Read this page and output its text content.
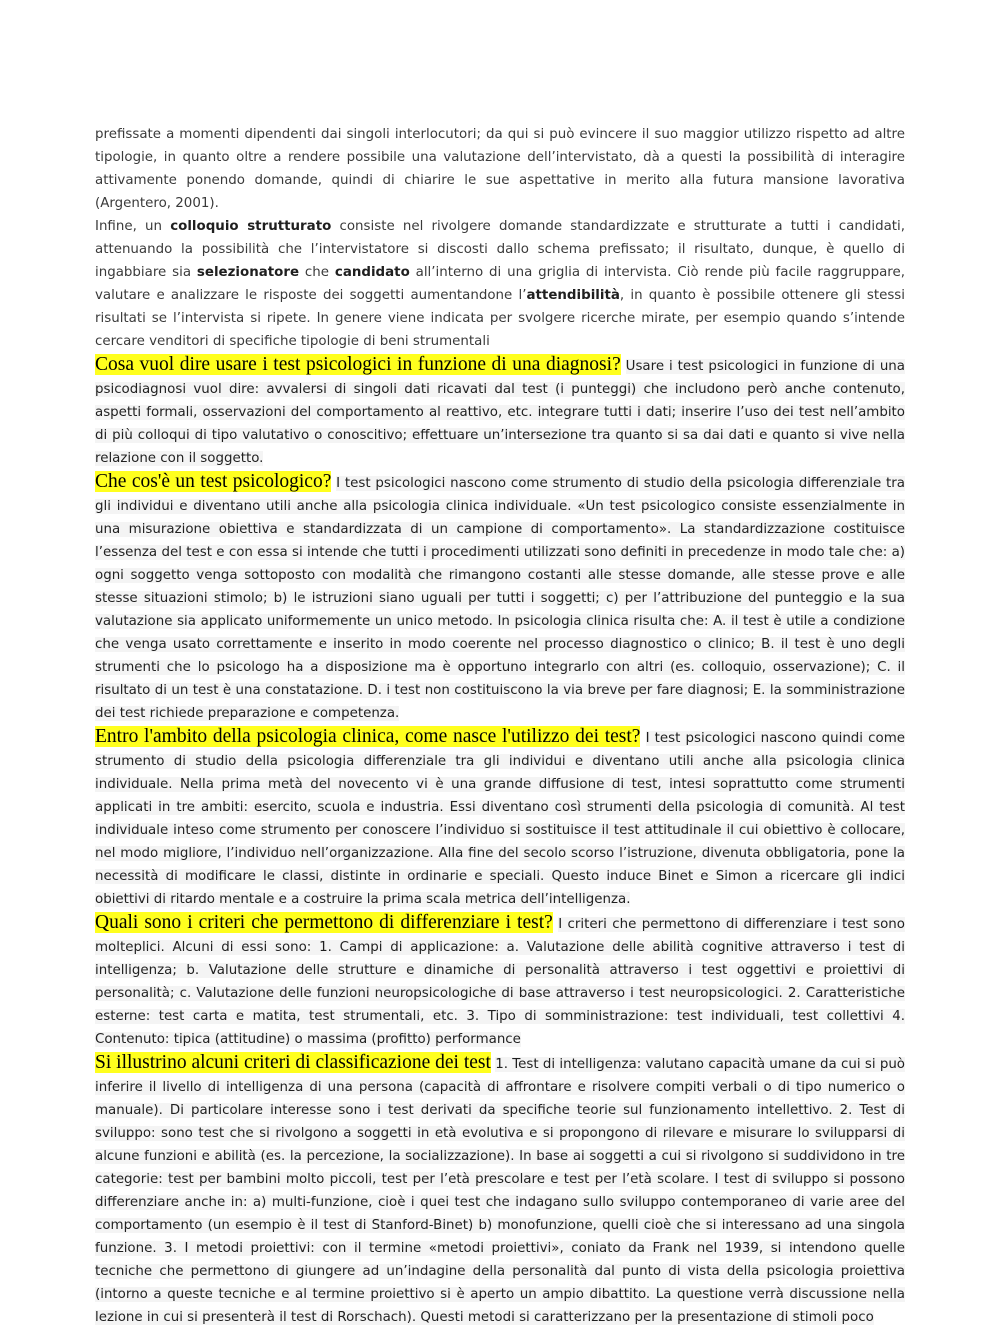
prefissate a momenti dipendenti dai singoli interlocutori; da qui si può evincere il suo maggior utilizzo rispetto ad altre tipologie, in quanto oltre a rendere possibile una valutazione dell’intervistato, dà a questi la possibilità di interagire attivamente ponendo domande, quindi di chiarire le sue aspettative in merito alla futura mansione lavorativa (Argentero, 2001).

Infine, un colloquio strutturato consiste nel rivolgere domande standardizzate e strutturate a tutti i candidati, attenuando la possibilità che l’intervistatore si discosti dallo schema prefissato; il risultato, dunque, è quello di ingabbiare sia selezionatore che candidato all’interno di una griglia di intervista. Ciò rende più facile raggruppare, valutare e analizzare le risposte dei soggetti aumentandone l’attendibilità, in quanto è possibile ottenere gli stessi risultati se l’intervista si ripete. In genere viene indicata per svolgere ricerche mirate, per esempio quando s’intende cercare venditori di specifiche tipologie di beni strumentali

Cosa vuol dire usare i test psicologici in funzione di una diagnosi? Usare i test psicologici in funzione di una psicodiagnosi vuol dire: avvalersi di singoli dati ricavati dal test (i punteggi) che includono però anche contenuto, aspetti formali, osservazioni del comportamento al reattivo, etc. integrare tutti i dati; inserire l’uso dei test nell’ambito di più colloqui di tipo valutativo o conoscitivo; effettuare un’intersezione tra quanto si sa dai dati e quanto si vive nella relazione con il soggetto.

Che cos'è un test psicologico? I test psicologici nascono come strumento di studio della psicologia differenziale tra gli individui e diventano utili anche alla psicologia clinica individuale. «Un test psicologico consiste essenzialmente in una misurazione obiettiva e standardizzata di un campione di comportamento». La standardizzazione costituisce l’essenza del test e con essa si intende che tutti i procedimenti utilizzati sono definiti in precedenze in modo tale che: a) ogni soggetto venga sottoposto con modalità che rimangono costanti alle stesse domande, alle stesse prove e alle stesse situazioni stimolo; b) le istruzioni siano uguali per tutti i soggetti; c) per l’attribuzione del punteggio e la sua valutazione sia applicato uniformemente un unico metodo. In psicologia clinica risulta che: A. il test è utile a condizione che venga usato correttamente e inserito in modo coerente nel processo diagnostico o clinico; B. il test è uno degli strumenti che lo psicologo ha a disposizione ma è opportuno integrarlo con altri (es. colloquio, osservazione); C. il risultato di un test è una constatazione. D. i test non costituiscono la via breve per fare diagnosi; E. la somministrazione dei test richiede preparazione e competenza.

Entro l'ambito della psicologia clinica, come nasce l'utilizzo dei test? I test psicologici nascono quindi come strumento di studio della psicologia differenziale tra gli individui e diventano utili anche alla psicologia clinica individuale. Nella prima metà del novecento vi è una grande diffusione di test, intesi soprattutto come strumenti applicati in tre ambiti: esercito, scuola e industria. Essi diventano così strumenti della psicologia di comunità. Al test individuale inteso come strumento per conoscere l’individuo si sostituisce il test attitudinale il cui obiettivo è collocare, nel modo migliore, l’individuo nell’organizzazione. Alla fine del secolo scorso l’istruzione, divenuta obbligatoria, pone la necessità di modificare le classi, distinte in ordinarie e speciali. Questo induce Binet e Simon a ricercare gli indici obiettivi di ritardo mentale e a costruire la prima scala metrica dell’intelligenza.

Quali sono i criteri che permettono di differenziare i test? I criteri che permettono di differenziare i test sono molteplici. Alcuni di essi sono: 1. Campi di applicazione: a. Valutazione delle abilità cognitive attraverso i test di intelligenza; b. Valutazione delle strutture e dinamiche di personalità attraverso i test oggettivi e proiettivi di personalità; c. Valutazione delle funzioni neuropsicologiche di base attraverso i test neuropsicologici. 2. Caratteristiche esterne: test carta e matita, test strumentali, etc. 3. Tipo di somministrazione: test individuali, test collettivi 4. Contenuto: tipica (attitudine) o massima (profitto) performance

Si illustrino alcuni criteri di classificazione dei test 1. Test di intelligenza: valutano capacità umane da cui si può inferire il livello di intelligenza di una persona (capacità di affrontare e risolvere compiti verbali o di tipo numerico o manuale). Di particolare interesse sono i test derivati da specifiche teorie sul funzionamento intellettivo. 2. Test di sviluppo: sono test che si rivolgono a soggetti in età evolutiva e si propongono di rilevare e misurare lo svilupparsi di alcune funzioni e abilità (es. la percezione, la socializzazione). In base ai soggetti a cui si rivolgono si suddividono in tre categorie: test per bambini molto piccoli, test per l’età prescolare e test per l’età scolare. I test di sviluppo si possono differenziare anche in: a) multi-funzione, cioè i quei test che indagano sullo sviluppo contemporaneo di varie aree del comportamento (un esempio è il test di Stanford-Binet) b) monofunzione, quelli cioè che si interessano ad una singola funzione. 3. I metodi proiettivi: con il termine «metodi proiettivi», coniato da Frank nel 1939, si intendono quelle tecniche che permettono di giungere ad un’indagine della personalità dal punto di vista della psicologia proiettiva (intorno a queste tecniche e al termine proiettivo si è aperto un ampio dibattito. La questione verrà discussione nella lezione in cui si presenterà il test di Rorschach). Questi metodi si caratterizzano per la presentazione di stimoli poco
